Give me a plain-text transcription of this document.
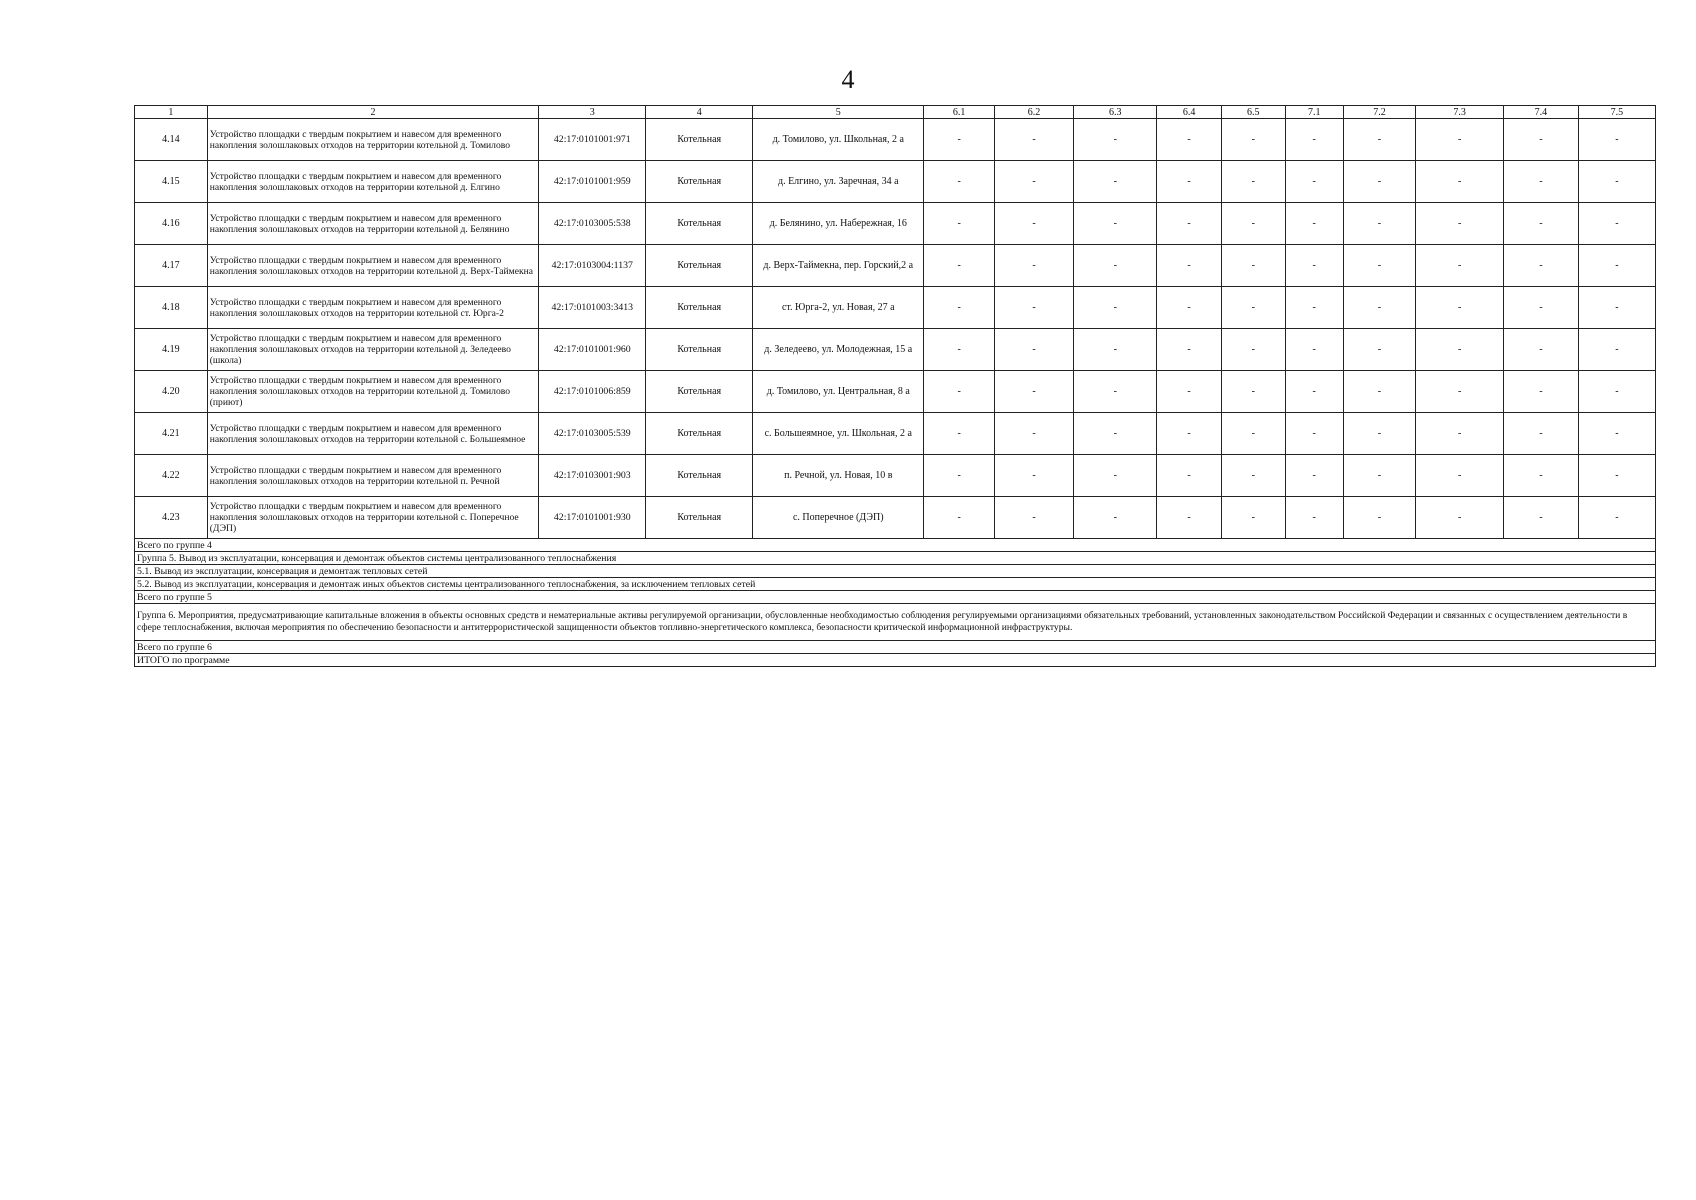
4
1	2	3	4	5	6.1	6.2	6.3	6.4	6.5	7.1	7.2	7.3	7.4	7.5
4.14	Устройство площадки с твердым покрытием и навесом для временного накопления золошлаковых отходов на территории котельной д. Томилово	42:17:0101001:971	Котельная	д. Томилово, ул. Школьная, 2 а	-	-	-	-	-	-	-	-	-	-
4.15	Устройство площадки с твердым покрытием и навесом для временного накопления золошлаковых отходов на территории котельной д. Елгино	42:17:0101001:959	Котельная	д. Елгино, ул. Заречная, 34 а	-	-	-	-	-	-	-	-	-	-
4.16	Устройство площадки с твердым покрытием и навесом для временного накопления золошлаковых отходов на территории котельной д. Белянино	42:17:0103005:538	Котельная	д. Белянино, ул. Набережная, 16	-	-	-	-	-	-	-	-	-	-
4.17	Устройство площадки с твердым покрытием и навесом для временного накопления золошлаковых отходов на территории котельной д. Верх-Таймекна	42:17:0103004:1137	Котельная	д. Верх-Таймекна, пер. Горский,2 а	-	-	-	-	-	-	-	-	-	-
4.18	Устройство площадки с твердым покрытием и навесом для временного накопления золошлаковых отходов на территории котельной ст. Юрга-2	42:17:0101003:3413	Котельная	ст. Юрга-2, ул. Новая, 27 а	-	-	-	-	-	-	-	-	-	-
4.19	Устройство площадки с твердым покрытием и навесом для временного накопления золошлаковых отходов на территории котельной д. Зеледеево (школа)	42:17:0101001:960	Котельная	д. Зеледеево, ул. Молодежная, 15 а	-	-	-	-	-	-	-	-	-	-
4.20	Устройство площадки с твердым покрытием и навесом для временного накопления золошлаковых отходов на территории котельной д. Томилово (приют)	42:17:0101006:859	Котельная	д. Томилово, ул. Центральная, 8 а	-	-	-	-	-	-	-	-	-	-
4.21	Устройство площадки с твердым покрытием и навесом для временного накопления золошлаковых отходов на территории котельной с. Большеямное	42:17:0103005:539	Котельная	с. Большеямное, ул. Школьная, 2 а	-	-	-	-	-	-	-	-	-	-
4.22	Устройство площадки с твердым покрытием и навесом для временного накопления золошлаковых отходов на территории котельной п. Речной	42:17:0103001:903	Котельная	п. Речной, ул. Новая, 10 в	-	-	-	-	-	-	-	-	-	-
4.23	Устройство площадки с твердым покрытием и навесом для временного накопления золошлаковых отходов на территории котельной с. Поперечное (ДЭП)	42:17:0101001:930	Котельная	с. Поперечное (ДЭП)	-	-	-	-	-	-	-	-	-	-
Всего по группе 4														
Группа 5. Вывод из эксплуатации, консервация и демонтаж объектов системы централизованного теплоснабжения														
5.1. Вывод из эксплуатации, консервация и демонтаж тепловых сетей														
5.2. Вывод из эксплуатации, консервация и демонтаж иных объектов системы централизованного теплоснабжения, за исключением тепловых сетей														
Всего по группе 5														
Группа 6. Мероприятия, предусматривающие капитальные вложения в объекты основных средств и нематериальные активы регулируемой организации, обусловленные необходимостью соблюдения регулируемыми организациями обязательных требований, установленных законодательством Российской Федерации и связанных с осуществлением деятельности в сфере теплоснабжения, включая мероприятия по обеспечению безопасности и антитеррористической защищенности объектов топливно-энергетического комплекса, безопасности критической информационной инфраструктуры.														
Всего по группе 6														
ИТОГО по программе														
